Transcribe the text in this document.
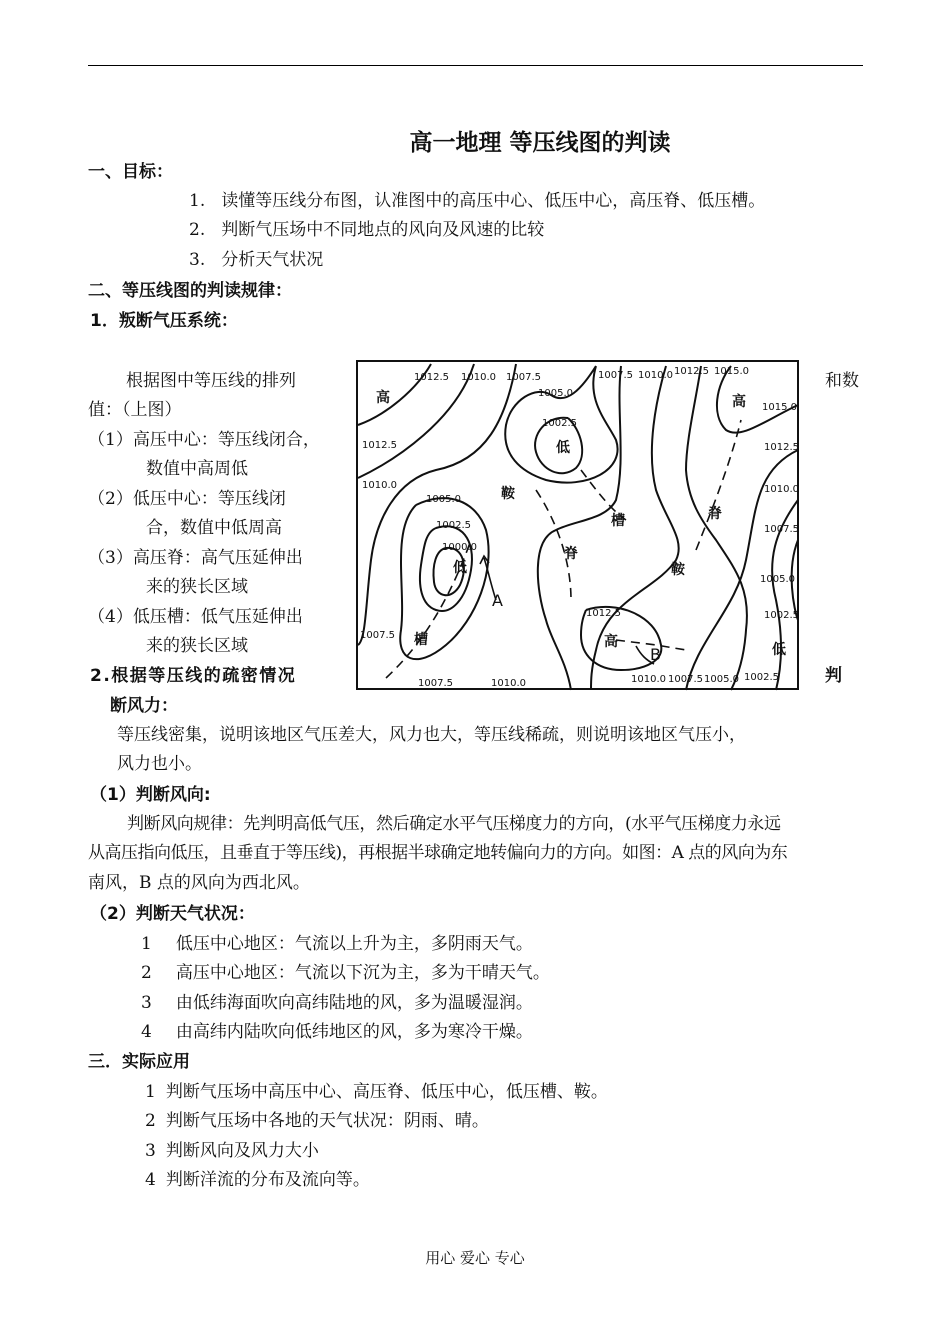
高一地理 等压线图的判读
一、目标：
1. 读懂等压线分布图，认准图中的高压中心、低压中心，高压脊、低压槽。
2. 判断气压场中不同地点的风向及风速的比较
3. 分析天气状况
二、等压线图的判读规律：
1．叛断气压系统：
根据图中等压线的排列	和数
值：（上图）
（1）高压中心：等压线闭合，
数值中高周低
（2）低压中心：等压线闭
合，数值中低周高
（3）高压脊：高气压延伸出
来的狭长区域
（4）低压槽：低气压延伸出
来的狭长区域
2.根据等压线的疏密情况	判
断风力：
等压线密集，说明该地区气压差大，风力也大，等压线稀疏，则说明该地区气压小，
风力也小。
（1）判断风向:
判断风向规律：先判明高低气压，然后确定水平气压梯度力的方向，(水平气压梯度力永远
从高压指向低压，且垂直于等压线)，再根据半球确定地转偏向力的方向。如图：A 点的风向为东
南风，B 点的风向为西北风。
（2）判断天气状况：
1 低压中心地区：气流以上升为主，多阴雨天气。
2 高压中心地区：气流以下沉为主，多为干晴天气。
3 由低纬海面吹向高纬陆地的风，多为温暖湿润。
4 由高纬内陆吹向低纬地区的风，多为寒冷干燥。
三．实际应用
1 判断气压场中高压中心、高压脊、低压中心，低压槽、鞍。
2 判断气压场中各地的天气状况：阴雨、晴。
3 判断风向及风力大小
4 判断洋流的分布及流向等。
1012.5 1010.0 1007.5	1007.5 1010.0 1012.5 1015.0
1007.5	1010.0	1010.0 1007.5 1005.0 1002.5
1012.5
1010.0
1007.5
1015.0
1012.5
1010.0
1007.5
1005.0
1002.5
1005.0
1002.5
1005.0
1002.5
1000.0
1012.5
高
低
鞍
槽	脊
高
脊
鞍
低
槽	高	低
A
B
用心 爱心 专心
